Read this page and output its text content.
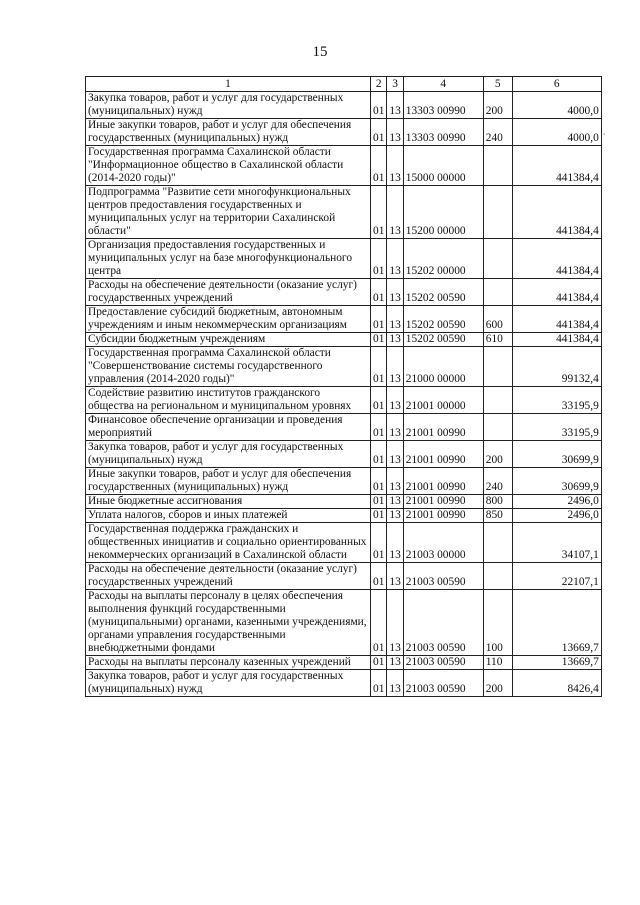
15
⸳
1	2	3	4	5	6
Закупка товаров, работ и услуг для государственных (муниципальных) нужд	01	13	13303 00990	200	4000,0
Иные закупки товаров, работ и услуг для обеспечения государственных (муниципальных) нужд	01	13	13303 00990	240	4000,0
Государственная программа Сахалинской области "Информационное общество в Сахалинской области (2014-2020 годы)"	01	13	15000 00000		441384,4
Подпрограмма "Развитие сети многофункциональных центров предоставления государственных и муниципальных услуг на территории Сахалинской области"	01	13	15200 00000		441384,4
Организация предоставления государственных и муниципальных услуг на базе многофункционального центра	01	13	15202 00000		441384,4
Расходы на обеспечение деятельности (оказание услуг) государственных учреждений	01	13	15202 00590		441384,4
Предоставление субсидий бюджетным, автономным учреждениям и иным некоммерческим организациям	01	13	15202 00590	600	441384,4
Субсидии бюджетным учреждениям	01	13	15202 00590	610	441384,4
Государственная программа Сахалинской области "Совершенствование системы государственного управления (2014-2020 годы)"	01	13	21000 00000		99132,4
Содействие развитию институтов гражданского общества на региональном и муниципальном уровнях	01	13	21001 00000		33195,9
Финансовое обеспечение организации и проведения мероприятий	01	13	21001 00990		33195,9
Закупка товаров, работ и услуг для государственных (муниципальных) нужд	01	13	21001 00990	200	30699,9
Иные закупки товаров, работ и услуг для обеспечения государственных (муниципальных) нужд	01	13	21001 00990	240	30699,9
Иные бюджетные ассигнования	01	13	21001 00990	800	2496,0
Уплата налогов, сборов и иных платежей	01	13	21001 00990	850	2496,0
Государственная поддержка гражданских и общественных инициатив и социально ориентированных некоммерческих организаций в Сахалинской области	01	13	21003 00000		34107,1
Расходы на обеспечение деятельности (оказание услуг) государственных учреждений	01	13	21003 00590		22107,1
Расходы на выплаты персоналу в целях обеспечения выполнения функций государственными (муниципальными) органами, казенными учреждениями, органами управления государственными внебюджетными фондами	01	13	21003 00590	100	13669,7
Расходы на выплаты персоналу казенных учреждений	01	13	21003 00590	110	13669,7
Закупка товаров, работ и услуг для государственных (муниципальных) нужд	01	13	21003 00590	200	8426,4
